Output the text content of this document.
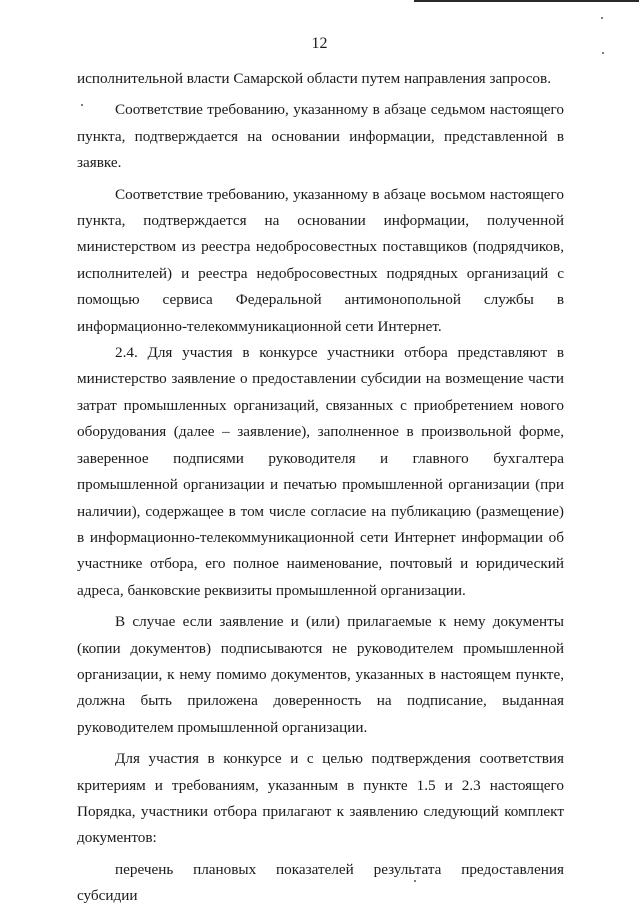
12

исполнительной власти Самарской области путем направления запросов.

Соответствие требованию, указанному в абзаце седьмом настоящего пункта, подтверждается на основании информации, представленной в заявке.

Соответствие требованию, указанному в абзаце восьмом настоящего пункта, подтверждается на основании информации, полученной министерством из реестра недобросовестных поставщиков (подрядчиков, исполнителей) и реестра недобросовестных подрядных организаций с помощью сервиса Федеральной антимонопольной службы в информационно-телекоммуникационной сети Интернет.

2.4. Для участия в конкурсе участники отбора представляют в министерство заявление о предоставлении субсидии на возмещение части затрат промышленных организаций, связанных с приобретением нового оборудования (далее – заявление), заполненное в произвольной форме, заверенное подписями руководителя и главного бухгалтера промышленной организации и печатью промышленной организации (при наличии), содержащее в том числе согласие на публикацию (размещение) в информационно-телекоммуникационной сети Интернет информации об участнике отбора, его полное наименование, почтовый и юридический адреса, банковские реквизиты промышленной организации.

В случае если заявление и (или) прилагаемые к нему документы (копии документов) подписываются не руководителем промышленной организации, к нему помимо документов, указанных в настоящем пункте, должна быть приложена доверенность на подписание, выданная руководителем промышленной организации.

Для участия в конкурсе и с целью подтверждения соответствия критериям и требованиям, указанным в пункте 1.5 и 2.3 настоящего Порядка, участники отбора прилагают к заявлению следующий комплект документов:

перечень плановых показателей результата предоставления субсидии
